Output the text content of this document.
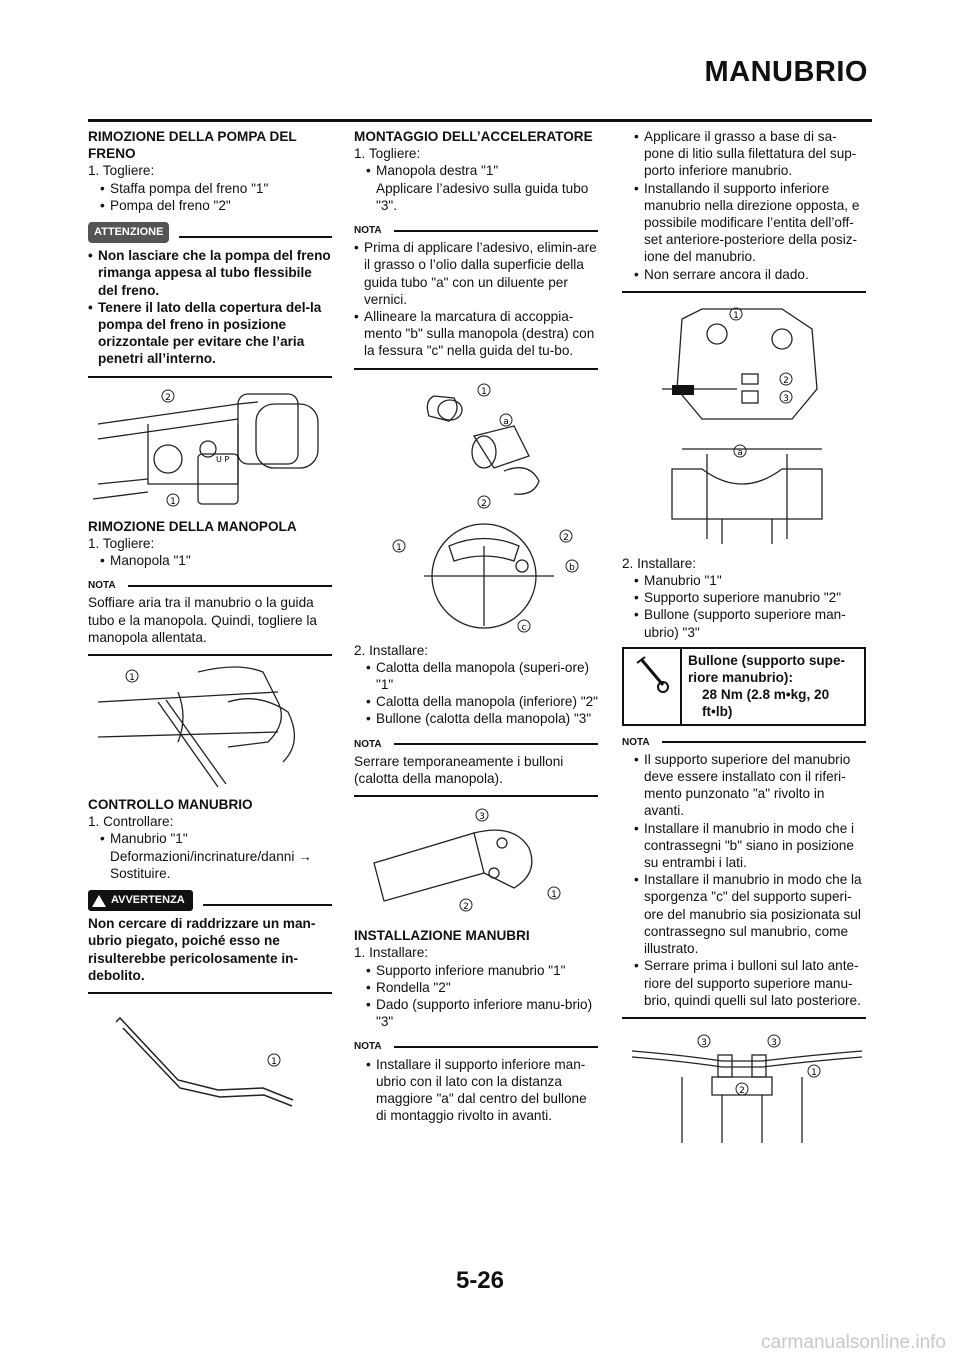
MANUBRIO

RIMOZIONE DELLA POMPA DEL FRENO

1. Togliere:

• Staffa pompa del freno "1"
• Pompa del freno "2"
ATTENZIONE
• Non lasciare che la pompa del freno rimanga appesa al tubo flessibile del freno.
• Tenere il lato della copertura del-la pompa del freno in posizione orizzontale per evitare che l’aria penetri all’interno.
2
1
U P

RIMOZIONE DELLA MANOPOLA

1. Togliere:

• Manopola "1"
NOTA

Soffiare aria tra il manubrio o la guida tubo e la manopola. Quindi, togliere la manopola allentata.

1

CONTROLLO MANUBRIO

1. Controllare:

• Manubrio "1"
Deformazioni/incrinature/danni → Sostituire.
AVVERTENZA

Non cercare di raddrizzare un man-ubrio piegato, poiché esso ne risulterebbe pericolosamente in-debolito.

1

MONTAGGIO DELL’ACCELERATORE

1. Togliere:

• Manopola destra "1"
Applicare l’adesivo sulla guida tubo "3".
NOTA
• Prima di applicare l’adesivo, elimin-are il grasso o l’olio dalla superficie della guida tubo "a" con un diluente per vernici.
• Allineare la marcatura di accoppia-mento "b" sulla manopola (destra) con la fessura "c" nella guida del tu-bo.
1
a
2
1
2
b
c

2. Installare:

• Calotta della manopola (superi-ore) "1"
• Calotta della manopola (inferiore) "2"
• Bullone (calotta della manopola) "3"
NOTA

Serrare temporaneamente i bulloni (calotta della manopola).

3
2
1

INSTALLAZIONE MANUBRI

1. Installare:

• Supporto inferiore manubrio "1"
• Rondella "2"
• Dado (supporto inferiore manu-brio) "3"
NOTA
• Installare il supporto inferiore man-ubrio con il lato con la distanza maggiore "a" dal centro del bullone di montaggio rivolto in avanti.
• Applicare il grasso a base di sa-pone di litio sulla filettatura del sup-porto inferiore manubrio.
• Installando il supporto inferiore manubrio nella direzione opposta, e possibile modificare l’entita dell’off-set anteriore-posteriore della posiz-ione del manubrio.
• Non serrare ancora il dado.
1
2
3
a

2. Installare:

• Manubrio "1"
• Supporto superiore manubrio "2"
• Bullone (supporto superiore man-ubrio) "3"
Bullone (supporto supe-riore manubrio):
28 Nm (2.8 m•kg, 20 ft•lb)
NOTA
• Il supporto superiore del manubrio deve essere installato con il riferi-mento punzonato "a" rivolto in avanti.
• Installare il manubrio in modo che i contrassegni "b" siano in posizione su entrambi i lati.
• Installare il manubrio in modo che la sporgenza "c" del supporto superi-ore del manubrio sia posizionata sul contrassegno sul manubrio, come illustrato.
• Serrare prima i bulloni sul lato ante-riore del supporto superiore manu-brio, quindi quelli sul lato posteriore.
3	3
1
2
5-26
carmanualsonline.info
